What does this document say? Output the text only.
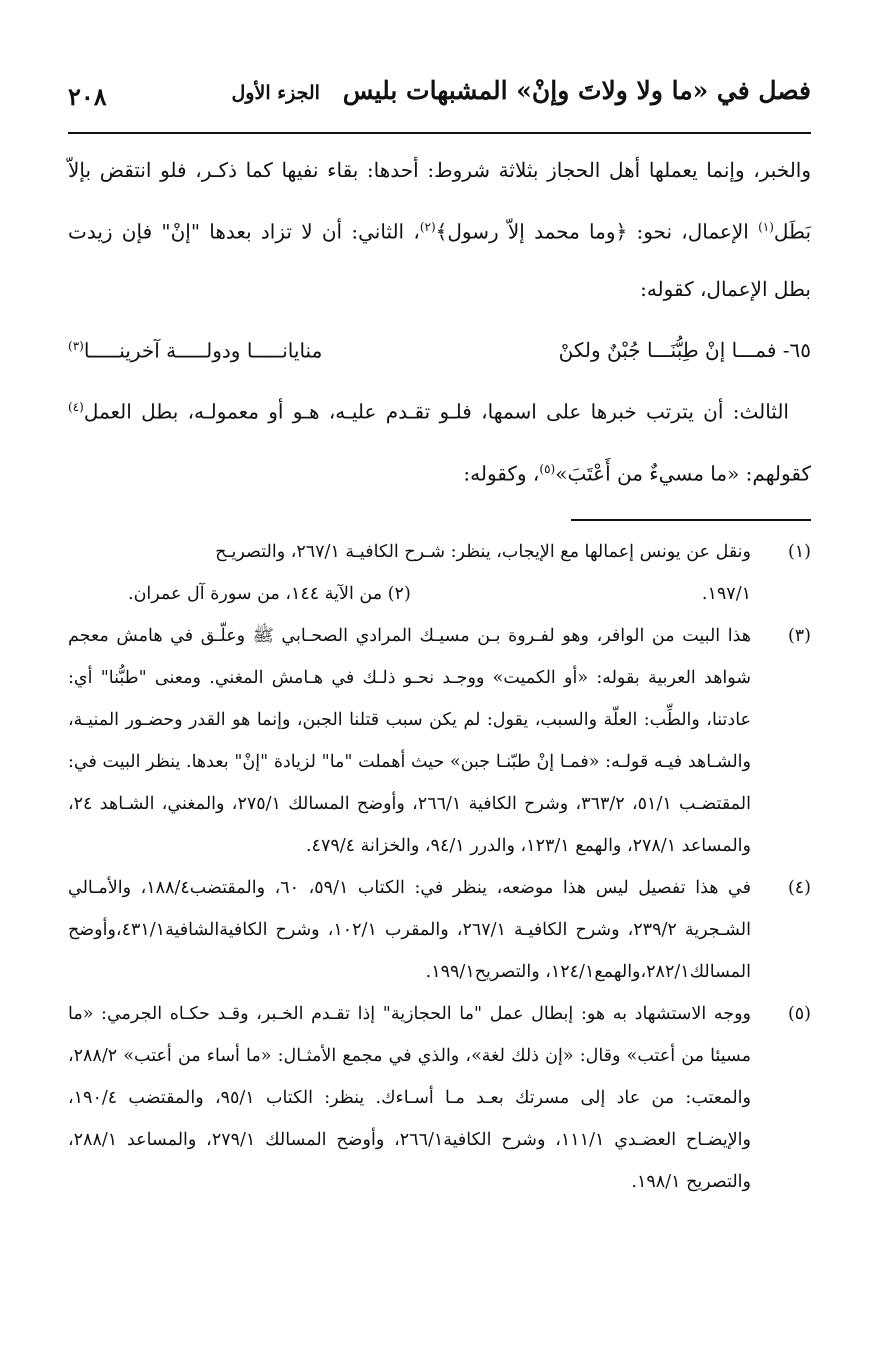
فصل في «ما ولا ولاتَ وإنْ» المشبهات بليس الجزء الأول
٢٠٨

والخبر، وإنما يعملها أهل الحجاز بثلاثة شروط: أحدها: بقاء نفيها كما ذكـر، فلو انتقض بإلاّ بَطَل$^{(١)}$ الإعمال، نحو: ﴿وما محمد إلاّ رسول﴾$^{(٢)}$، الثاني: أن لا تزاد بعدها "إنْ" فإن زيدت بطل الإعمال، كقوله:

٦٥- فمـــا إنْ طِبُّنَـــا جُبْنٌ ولكنْ
منايانـــــا ودولـــــة آخرينـــــا$^{(٣)}$

الثالث: أن يترتب خبرها على اسمها، فلـو تقـدم عليـه، هـو أو معمولـه، بطل العمل$^{(٤)}$ كقولهم: «ما مسيءٌ من أَعْتَبَ»$^{(٥)}$، وكقوله:

(١)

ونقل عن يونس إعمالها مع الإيجاب، ينظر: شـرح الكافيـة ٢٦٧/١، والتصريـح

١٩٧/١.
(٢) من الآية ١٤٤، من سورة آل عمران.
(٣)

هذا البيت من الوافر، وهو لفـروة بـن مسيـك المرادي الصحـابي ﷺ وعلّـق في هامش معجم شواهد العربية بقوله: «أو الكميت» ووجـد نحـو ذلـك في هـامش المغني. ومعنى "طبُّنا" أي: عادتنا، والطِّب: العلّة والسبب، يقول: لم يكن سبب قتلنا الجبن، وإنما هو القدر وحضـور المنيـة، والشـاهد فيـه قولـه: «فمـا إنْ طبّنـا جبن» حيث أهملت "ما" لزيادة "إنْ" بعدها. ينظر البيت في: المقتضـب ٥١/١، ٣٦٣/٢، وشرح الكافية ٢٦٦/١، وأوضح المسالك ٢٧٥/١، والمغني، الشـاهد ٢٤، والمساعد ٢٧٨/١، والهمع ١٢٣/١، والدرر ٩٤/١، والخزانة ٤٧٩/٤.

(٤)

في هذا تفصيل ليس هذا موضعه، ينظر في: الكتاب ٥٩/١، ٦٠، والمقتضب١٨٨/٤، والأمـالي الشـجرية ٢٣٩/٢، وشرح الكافيـة ٢٦٧/١، والمقرب ١٠٢/١، وشرح الكافيةالشافية٤٣١/١،وأوضح المسالك٢٨٢/١،والهمع١٢٤/١، والتصريح١٩٩/١.

(٥)

ووجه الاستشهاد به هو: إبطال عمل "ما الحجازية" إذا تقـدم الخـبر، وقـد حكـاه الجرمي: «ما مسيئا من أعتب» وقال: «إن ذلك لغة»، والذي في مجمع الأمثـال: «ما أساء من أعتب» ٢٨٨/٢، والمعتب: من عاد إلى مسرتك بعـد مـا أسـاءك. ينظر: الكتاب ٩٥/١، والمقتضب ١٩٠/٤، والإيضـاح العضـدي ١١١/١، وشرح الكافية٢٦٦/١، وأوضح المسالك ٢٧٩/١، والمساعد ٢٨٨/١، والتصريح ١٩٨/١.
